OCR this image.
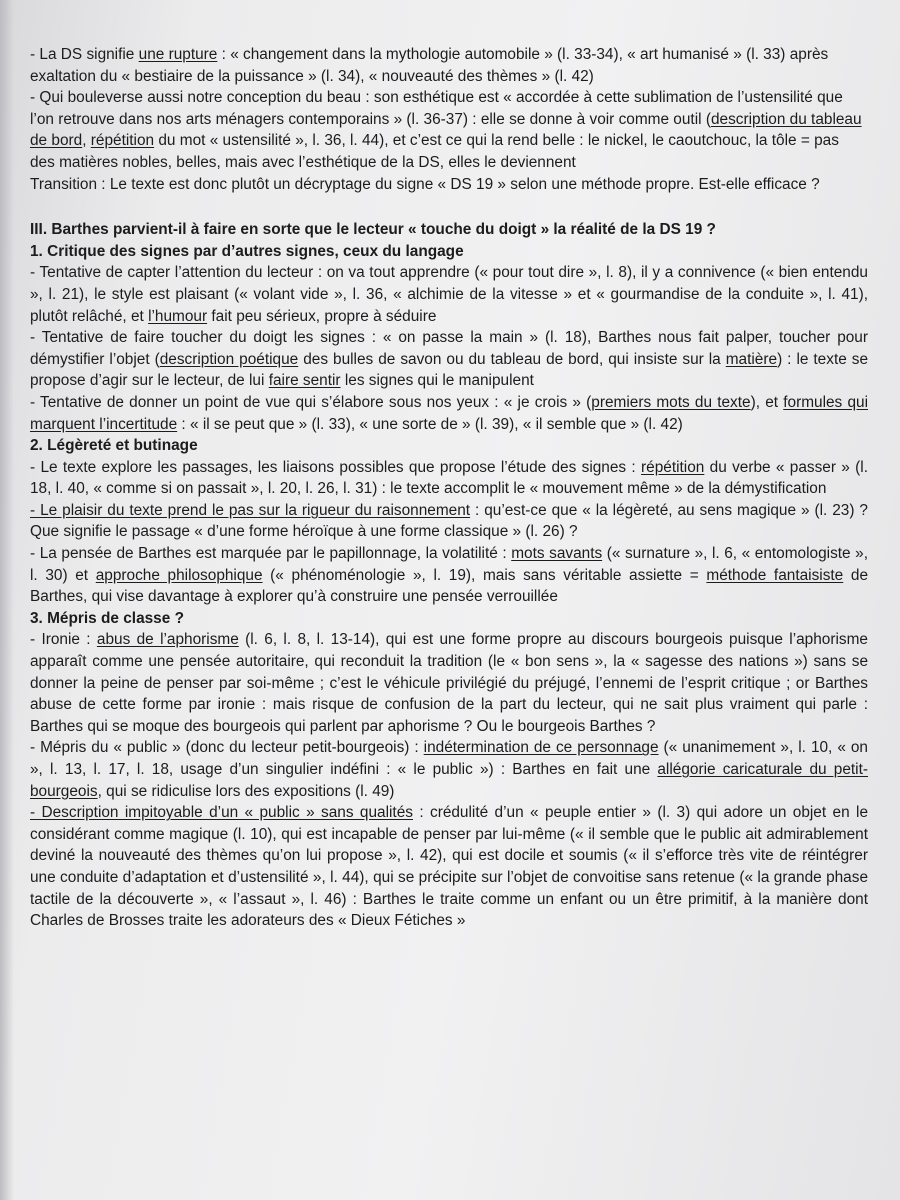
- La DS signifie une rupture : « changement dans la mythologie automobile » (l. 33-34), « art humanisé » (l. 33) après exaltation du « bestiaire de la puissance » (l. 34), « nouveauté des thèmes » (l. 42)

- Qui bouleverse aussi notre conception du beau : son esthétique est « accordée à cette sublimation de l’ustensilité que l’on retrouve dans nos arts ménagers contemporains » (l. 36-37) : elle se donne à voir comme outil (description du tableau de bord, répétition du mot « ustensilité », l. 36, l. 44), et c’est ce qui la rend belle : le nickel, le caoutchouc, la tôle = pas des matières nobles, belles, mais avec l’esthétique de la DS, elles le deviennent

Transition : Le texte est donc plutôt un décryptage du signe « DS 19 » selon une méthode propre. Est-elle efficace ?

III. Barthes parvient-il à faire en sorte que le lecteur « touche du doigt » la réalité de la DS 19 ?

1. Critique des signes par d’autres signes, ceux du langage

- Tentative de capter l’attention du lecteur : on va tout apprendre (« pour tout dire », l. 8), il y a connivence (« bien entendu », l. 21), le style est plaisant (« volant vide », l. 36, « alchimie de la vitesse » et « gourmandise de la conduite », l. 41), plutôt relâché, et l’humour fait peu sérieux, propre à séduire

- Tentative de faire toucher du doigt les signes : « on passe la main » (l. 18), Barthes nous fait palper, toucher pour démystifier l’objet (description poétique des bulles de savon ou du tableau de bord, qui insiste sur la matière) : le texte se propose d’agir sur le lecteur, de lui faire sentir les signes qui le manipulent

- Tentative de donner un point de vue qui s’élabore sous nos yeux : « je crois » (premiers mots du texte), et formules qui marquent l’incertitude : « il se peut que » (l. 33), « une sorte de » (l. 39), « il semble que » (l. 42)

2. Légèreté et butinage

- Le texte explore les passages, les liaisons possibles que propose l’étude des signes : répétition du verbe « passer » (l. 18, l. 40, « comme si on passait », l. 20, l. 26, l. 31) : le texte accomplit le « mouvement même » de la démystification

- Le plaisir du texte prend le pas sur la rigueur du raisonnement : qu’est-ce que « la légèreté, au sens magique » (l. 23) ? Que signifie le passage « d’une forme héroïque à une forme classique » (l. 26) ?

- La pensée de Barthes est marquée par le papillonnage, la volatilité : mots savants (« surnature », l. 6, « entomologiste », l. 30) et approche philosophique (« phénoménologie », l. 19), mais sans véritable assiette = méthode fantaisiste de Barthes, qui vise davantage à explorer qu’à construire une pensée verrouillée

3. Mépris de classe ?

- Ironie : abus de l’aphorisme (l. 6, l. 8, l. 13-14), qui est une forme propre au discours bourgeois puisque l’aphorisme apparaît comme une pensée autoritaire, qui reconduit la tradition (le « bon sens », la « sagesse des nations ») sans se donner la peine de penser par soi-même ; c’est le véhicule privilégié du préjugé, l’ennemi de l’esprit critique ; or Barthes abuse de cette forme par ironie : mais risque de confusion de la part du lecteur, qui ne sait plus vraiment qui parle : Barthes qui se moque des bourgeois qui parlent par aphorisme ? Ou le bourgeois Barthes ?

- Mépris du « public » (donc du lecteur petit-bourgeois) : indétermination de ce personnage (« unanimement », l. 10, « on », l. 13, l. 17, l. 18, usage d’un singulier indéfini : « le public ») : Barthes en fait une allégorie caricaturale du petit-bourgeois, qui se ridiculise lors des expositions (l. 49)

- Description impitoyable d’un « public » sans qualités : crédulité d’un « peuple entier » (l. 3) qui adore un objet en le considérant comme magique (l. 10), qui est incapable de penser par lui-même (« il semble que le public ait admirablement deviné la nouveauté des thèmes qu’on lui propose », l. 42), qui est docile et soumis (« il s’efforce très vite de réintégrer une conduite d’adaptation et d’ustensilité », l. 44), qui se précipite sur l’objet de convoitise sans retenue (« la grande phase tactile de la découverte », « l’assaut », l. 46) : Barthes le traite comme un enfant ou un être primitif, à la manière dont Charles de Brosses traite les adorateurs des « Dieux Fétiches »
